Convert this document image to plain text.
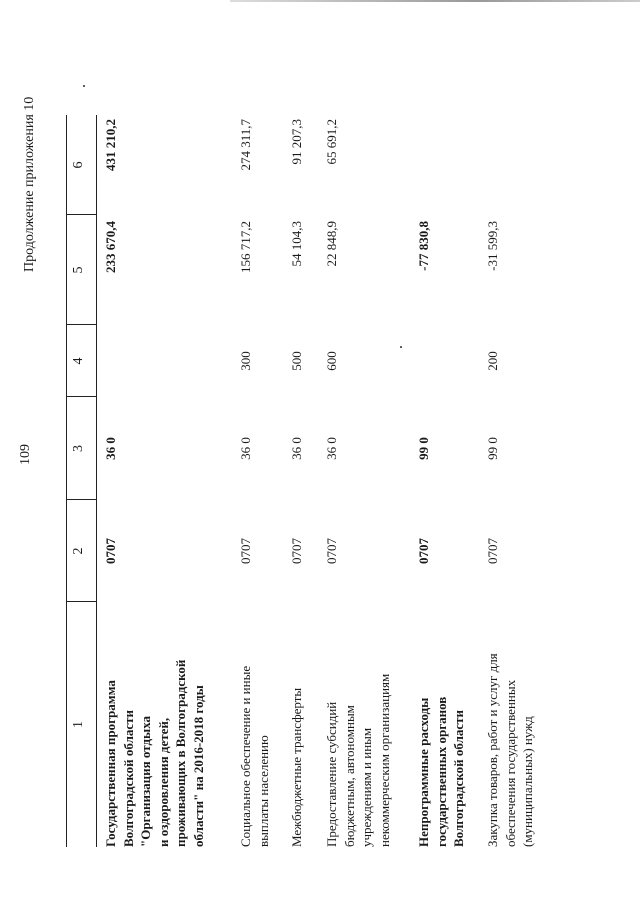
109
Продолжение приложения 10
1
2
3
4
5
6
Государственная программа Волгоградской области "Организация отдыха и оздоровления детей, проживающих в Волгоградской области" на 2016-2018 годы
0707
36 0
233 670,4
431 210,2
Социальное обеспечение и иные выплаты населению
0707
36 0
300
156 717,2
274 311,7
Межбюджетные трансферты
0707
36 0
500
54 104,3
91 207,3
Предоставление субсидий бюджетным, автономным учреждениям и иным некоммерческим организациям
0707
36 0
600
22 848,9
65 691,2
Непрограммные расходы государственных органов Волгоградской области
0707
99 0
-77 830,8
Закупка товаров, работ и услуг для обеспечения государственных (муниципальных) нужд
0707
99 0
200
-31 599,3
